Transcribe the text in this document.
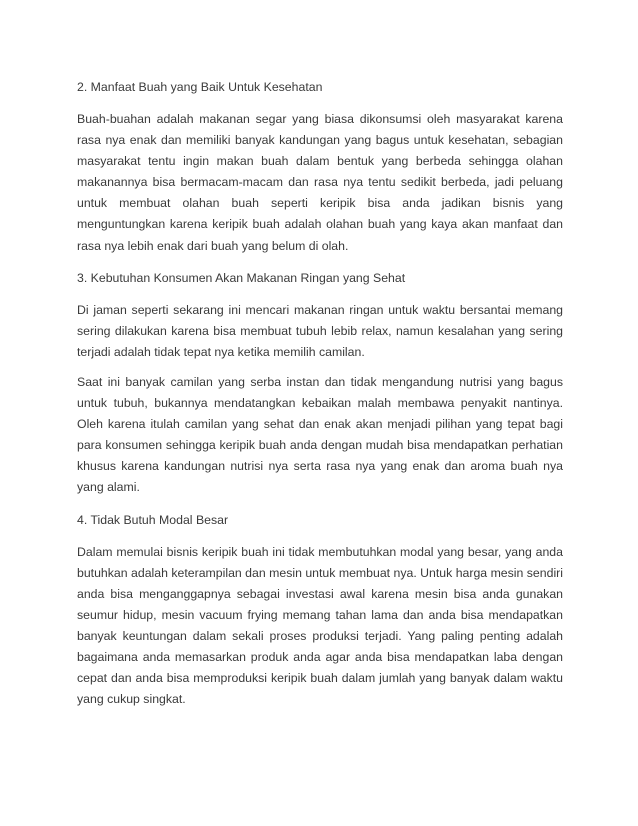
2. Manfaat Buah yang Baik Untuk Kesehatan

Buah-buahan adalah makanan segar yang biasa dikonsumsi oleh masyarakat karena rasa nya enak dan memiliki banyak kandungan yang bagus untuk kesehatan, sebagian masyarakat tentu ingin makan buah dalam bentuk yang berbeda sehingga olahan makanannya bisa bermacam-macam dan rasa nya tentu sedikit berbeda, jadi peluang untuk membuat olahan buah seperti keripik bisa anda jadikan bisnis yang menguntungkan karena keripik buah adalah olahan buah yang kaya akan manfaat dan rasa nya lebih enak dari buah yang belum di olah.

3. Kebutuhan Konsumen Akan Makanan Ringan yang Sehat

Di jaman seperti sekarang ini mencari makanan ringan untuk waktu bersantai memang sering dilakukan karena bisa membuat tubuh lebib relax, namun kesalahan yang sering terjadi adalah tidak tepat nya ketika memilih camilan.

Saat ini banyak camilan yang serba instan dan tidak mengandung nutrisi yang bagus untuk tubuh, bukannya mendatangkan kebaikan malah membawa penyakit nantinya. Oleh karena itulah camilan yang sehat dan enak akan menjadi pilihan yang tepat bagi para konsumen sehingga keripik buah anda dengan mudah bisa mendapatkan perhatian khusus karena kandungan nutrisi nya serta rasa nya yang enak dan aroma buah nya yang alami.

4. Tidak Butuh Modal Besar

Dalam memulai bisnis keripik buah ini tidak membutuhkan modal yang besar, yang anda butuhkan adalah keterampilan dan mesin untuk membuat nya. Untuk harga mesin sendiri anda bisa menganggapnya sebagai investasi awal karena mesin bisa anda gunakan seumur hidup, mesin vacuum frying memang tahan lama dan anda bisa mendapatkan banyak keuntungan dalam sekali proses produksi terjadi. Yang paling penting adalah bagaimana anda memasarkan produk anda agar anda bisa mendapatkan laba dengan cepat dan anda bisa memproduksi keripik buah dalam jumlah yang banyak dalam waktu yang cukup singkat.
